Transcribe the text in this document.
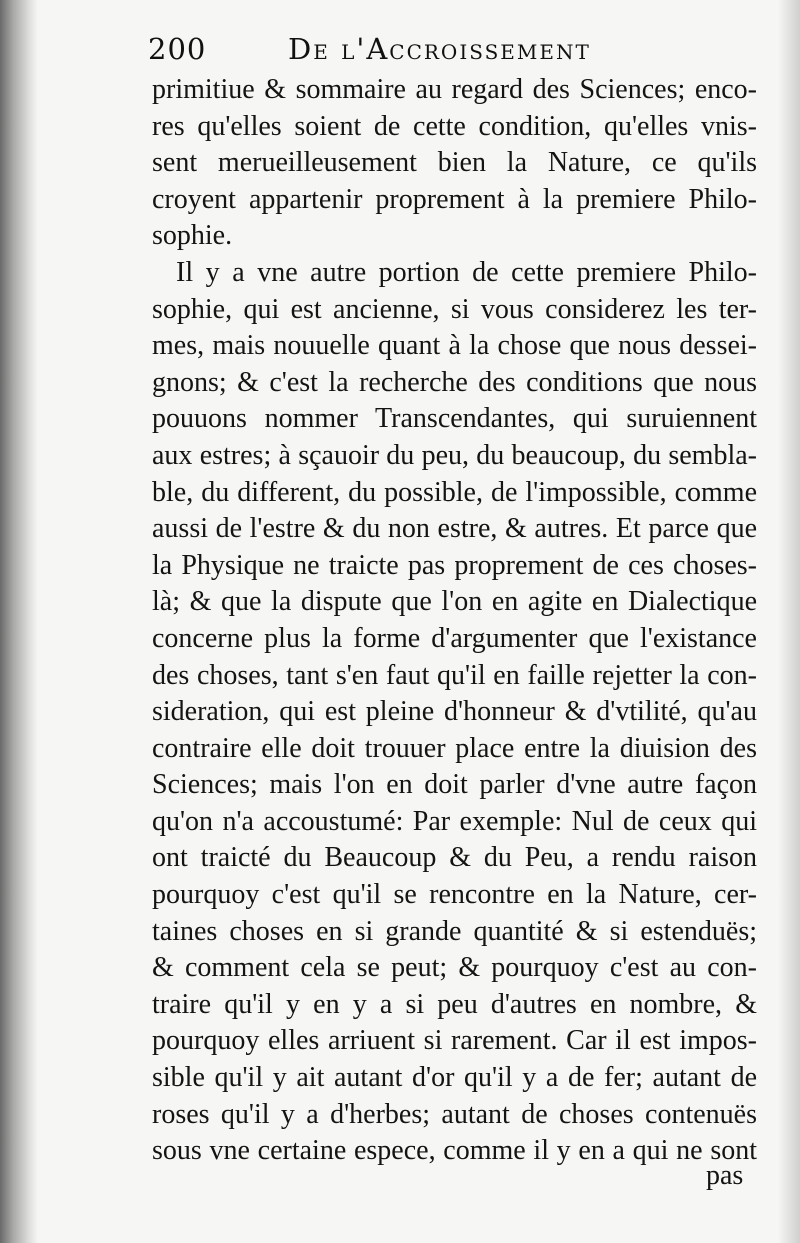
200	De l'Accroissement
primitiue & sommaire au regard des Sciences; enco-
res qu'elles soient de cette condition, qu'elles vnis-
sent merueilleusement bien la Nature, ce qu'ils
croyent appartenir proprement à la premiere Philo-
sophie.
Il y a vne autre portion de cette premiere Philo-
sophie, qui est ancienne, si vous considerez les ter-
mes, mais nouuelle quant à la chose que nous dessei-
gnons; & c'est la recherche des conditions que nous
pouuons nommer Transcendantes, qui suruiennent
aux estres; à sçauoir du peu, du beaucoup, du sembla-
ble, du different, du possible, de l'impossible, comme
aussi de l'estre & du non estre, & autres. Et parce que
la Physique ne traicte pas proprement de ces choses-
là; & que la dispute que l'on en agite en Dialectique
concerne plus la forme d'argumenter que l'existance
des choses, tant s'en faut qu'il en faille rejetter la con-
sideration, qui est pleine d'honneur & d'vtilité, qu'au
contraire elle doit trouuer place entre la diuision des
Sciences; mais l'on en doit parler d'vne autre façon
qu'on n'a accoustumé: Par exemple: Nul de ceux qui
ont traicté du Beaucoup & du Peu, a rendu raison
pourquoy c'est qu'il se rencontre en la Nature, cer-
taines choses en si grande quantité & si estenduës;
& comment cela se peut; & pourquoy c'est au con-
traire qu'il y en y a si peu d'autres en nombre, &
pourquoy elles arriuent si rarement. Car il est impos-
sible qu'il y ait autant d'or qu'il y a de fer; autant de
roses qu'il y a d'herbes; autant de choses contenuës
sous vne certaine espece, comme il y en a qui ne sont
pas
